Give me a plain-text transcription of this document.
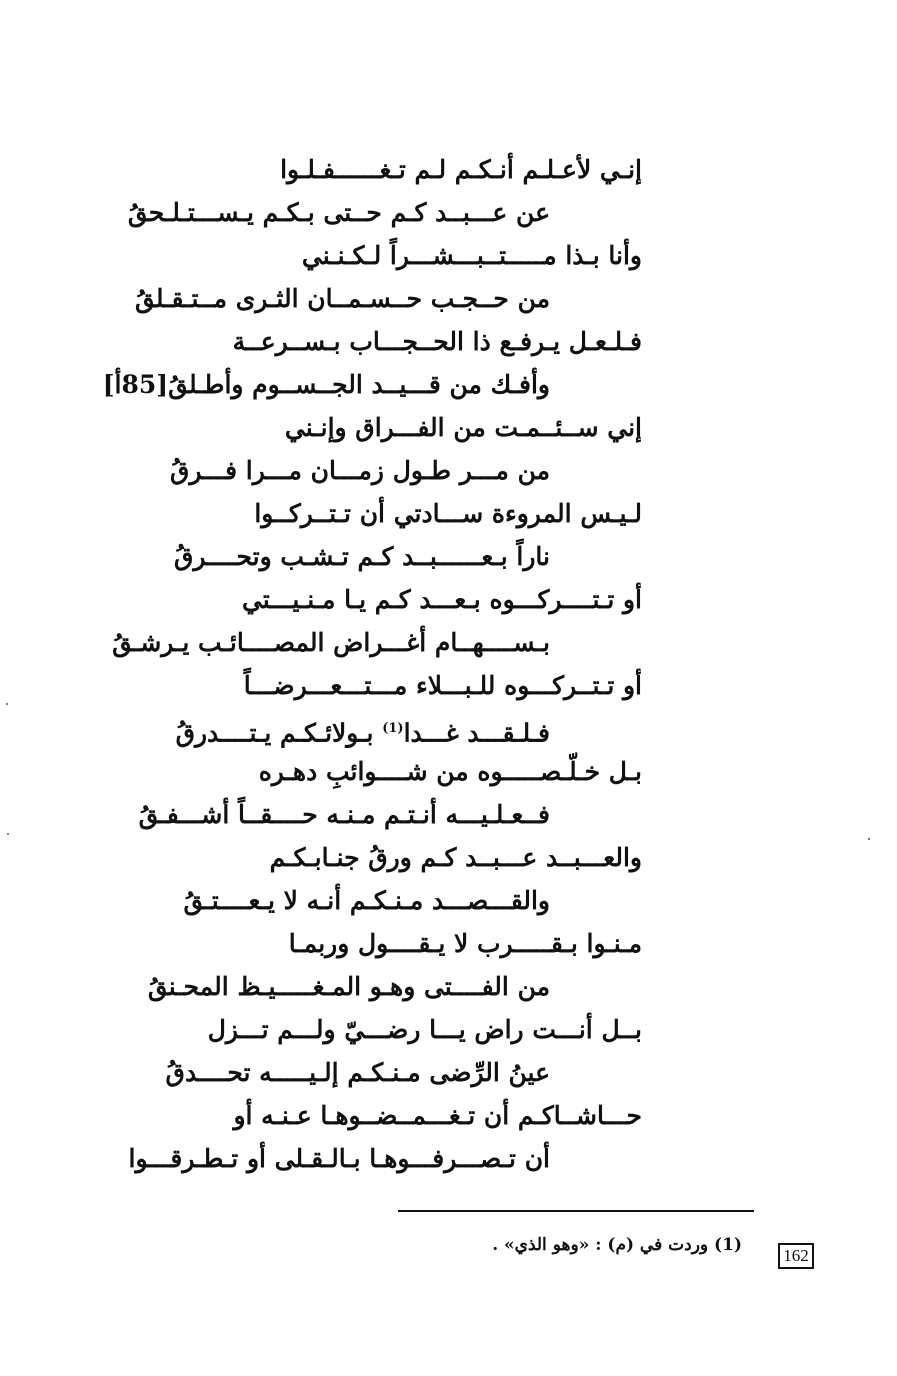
إنـي لأعـلـم أنـكـم لـم تـغــــــفـلـوا
عن عـــبــد كـم حــتى بـكـم يـســـتـلـحقُ
وأنا بـذا مـــــتــبـــشـــراً لـكـنـني
من حــجـب حــسـمــان الثـرى مــتـقـلقُ
فـلـعـل يـرفـع ذا الحــجـــاب بـســرعــة
وأفـك من قـــيــد الجــســوم وأطـلقُ[85أ]
إني ســئــمـت من الفـــراق وإنـني
من مـــر طـول زمـــان مـــرا فـــرقُ
لـيـس المروءة ســـادتي أن تـتــركــوا
ناراً بـعــــــبــد كـم تـشـب وتحــــرقُ
أو تـتــــركـــوه بـعـــد كـم يـا مـنـيـــتي
بـســــهــام أغـــراض المصــــائـب يـرشـقُ
أو تـتــركـــوه للـبـــلاء مـــتـــعـــرضـــاً
فـلـقـــد غـــدا$^{(1)}$ بـولائـكـم يـتــــدرقُ
بـل خـلّـصـــــوه من شــــوائبِ دهـره
فــعـلـيـــه أنـتـم مـنـه حــــقــاً أشـــفـقُ
والعـــبــد عـــبــد كـم ورقُ جنـابـكـم
والقـــصـــد مـنـكـم أنـه لا يـعــــتـقُ
مـنـوا بـقـــــرب لا يـقــــول وربمـا
من الفــــتى وهـو المـغـــــيـظ المحـنقُ
بــل أنـــت راض يـــا رضـــيّ ولـــم تـــزل
عينُ الرِّضى مـنـكـم إلـيـــــه تحــــدقُ
حـــاشــاكـم أن تـغـــمــضــوهـا عـنـه أو
أن تـصـــرفـــوهـا بـالـقـلى أو تـطـرقـــوا
(1) وردت في (م) : «وهو الذي» .
162
